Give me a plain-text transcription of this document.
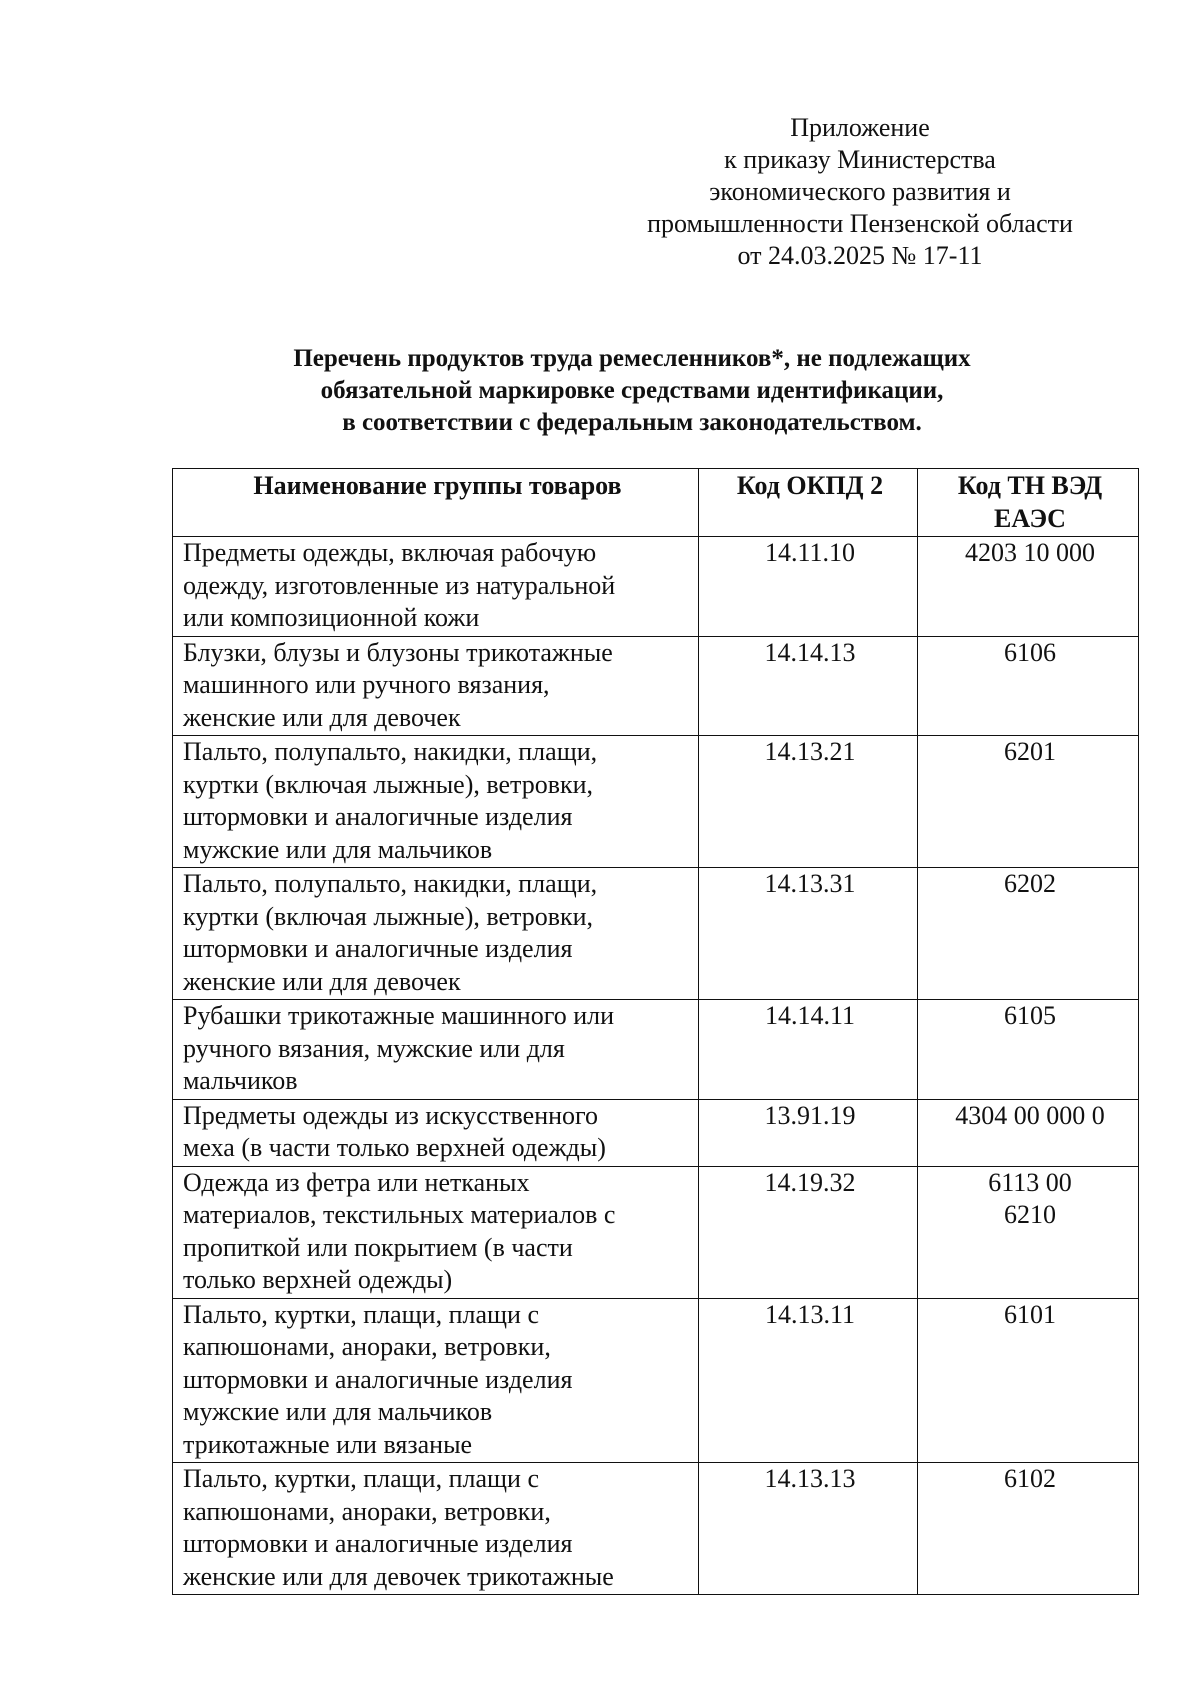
Приложение
к приказу Министерства
экономического развития и
промышленности Пензенской области
от 24.03.2025 № 17-11
Перечень продуктов труда ремесленников*, не подлежащих
обязательной маркировке средствами идентификации,
в соответствии с федеральным законодательством.
Наименование группы товаров	Код ОКПД 2	Код ТН ВЭД
ЕАЭС

Предметы одежды, включая рабочую
одежду, изготовленные из натуральной
или композиционной кожи	14.11.10	4203 10 000

Блузки, блузы и блузоны трикотажные
машинного или ручного вязания,
женские или для девочек	14.14.13	6106

Пальто, полупальто, накидки, плащи,
куртки (включая лыжные), ветровки,
штормовки и аналогичные изделия
мужские или для мальчиков	14.13.21	6201

Пальто, полупальто, накидки, плащи,
куртки (включая лыжные), ветровки,
штормовки и аналогичные изделия
женские или для девочек	14.13.31	6202

Рубашки трикотажные машинного или
ручного вязания, мужские или для
мальчиков	14.14.11	6105

Предметы одежды из искусственного
меха (в части только верхней одежды)	13.91.19	4304 00 000 0

Одежда из фетра или нетканых
материалов, текстильных материалов с
пропиткой или покрытием (в части
только верхней одежды)	14.19.32	6113 00
6210

Пальто, куртки, плащи, плащи с
капюшонами, анораки, ветровки,
штормовки и аналогичные изделия
мужские или для мальчиков
трикотажные или вязаные	14.13.11	6101

Пальто, куртки, плащи, плащи с
капюшонами, анораки, ветровки,
штормовки и аналогичные изделия
женские или для девочек трикотажные	14.13.13	6102
